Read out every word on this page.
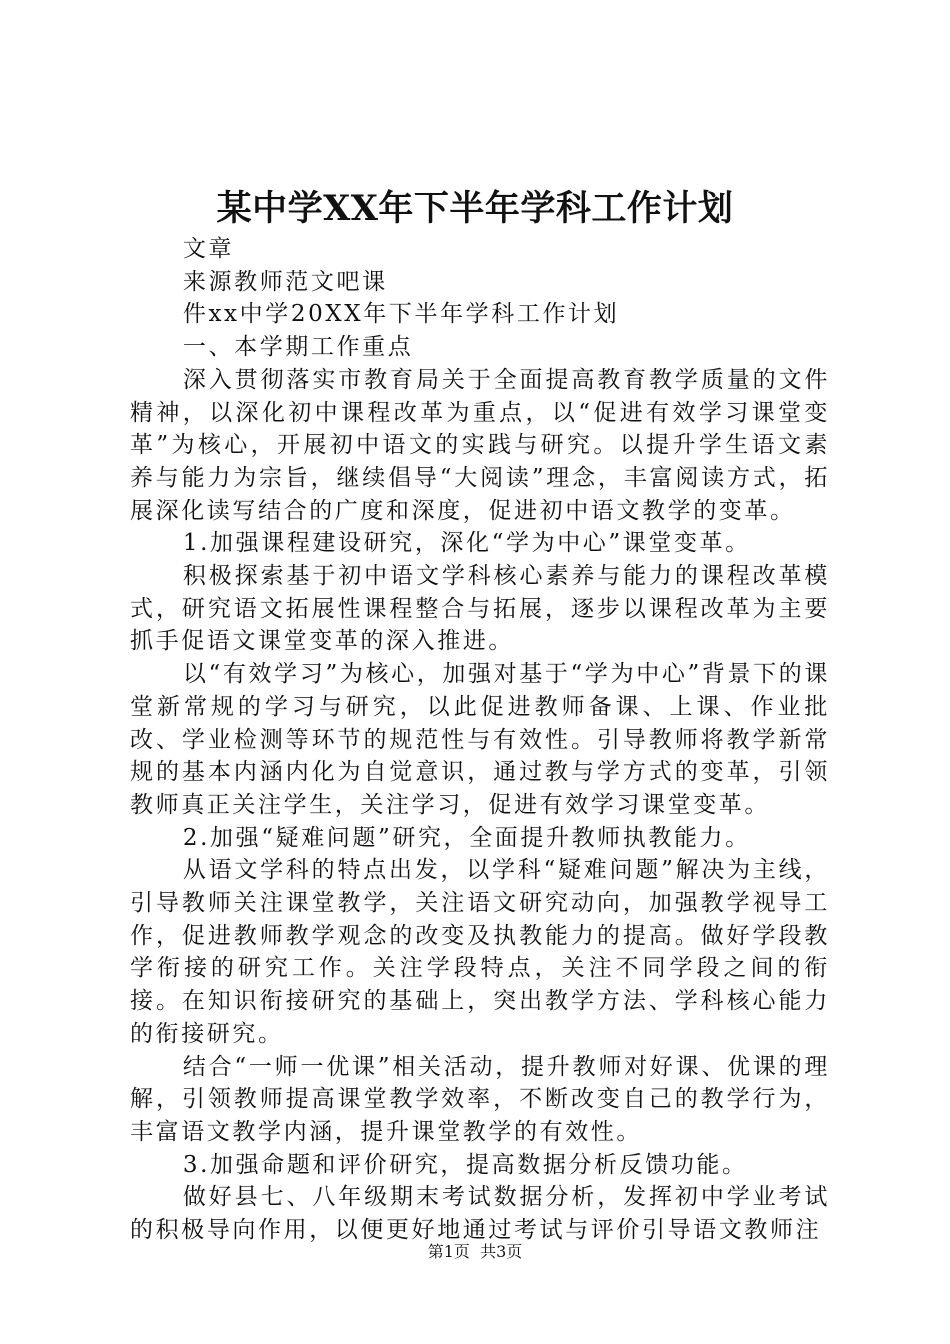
某中学XX年下半年学科工作计划

文章

来源教师范文吧课

件xx中学20XX年下半年学科工作计划

一、本学期工作重点

深入贯彻落实市教育局关于全面提高教育教学质量的文件精神，以深化初中课程改革为重点，以“促进有效学习课堂变革”为核心，开展初中语文的实践与研究。以提升学生语文素养与能力为宗旨，继续倡导“大阅读”理念，丰富阅读方式，拓展深化读写结合的广度和深度，促进初中语文教学的变革。

1.加强课程建设研究，深化“学为中心”课堂变革。

积极探索基于初中语文学科核心素养与能力的课程改革模式，研究语文拓展性课程整合与拓展，逐步以课程改革为主要抓手促语文课堂变革的深入推进。

以“有效学习”为核心，加强对基于“学为中心”背景下的课堂新常规的学习与研究，以此促进教师备课、上课、作业批改、学业检测等环节的规范性与有效性。引导教师将教学新常规的基本内涵内化为自觉意识，通过教与学方式的变革，引领教师真正关注学生，关注学习，促进有效学习课堂变革。

2.加强“疑难问题”研究，全面提升教师执教能力。

从语文学科的特点出发，以学科“疑难问题”解决为主线，引导教师关注课堂教学，关注语文研究动向，加强教学视导工作，促进教师教学观念的改变及执教能力的提高。做好学段教学衔接的研究工作。关注学段特点，关注不同学段之间的衔接。在知识衔接研究的基础上，突出教学方法、学科核心能力的衔接研究。

结合“一师一优课”相关活动，提升教师对好课、优课的理解，引领教师提高课堂教学效率，不断改变自己的教学行为，丰富语文教学内涵，提升课堂教学的有效性。

3.加强命题和评价研究，提高数据分析反馈功能。

做好县七、八年级期末考试数据分析，发挥初中学业考试的积极导向作用，以便更好地通过考试与评价引导语文教师注

第1页  共3页
